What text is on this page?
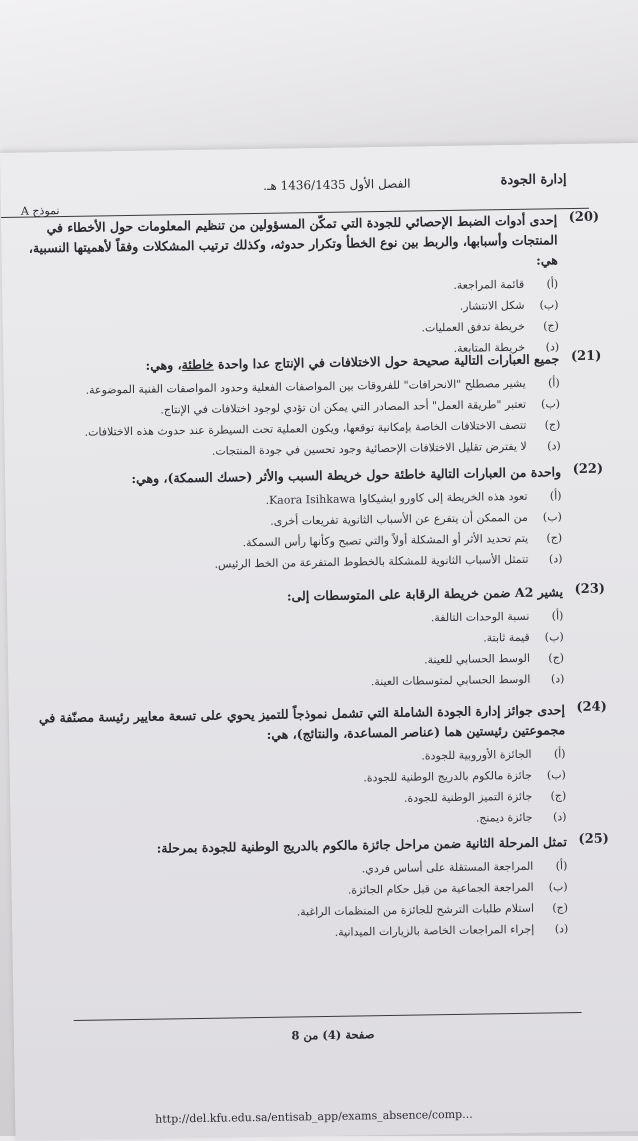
إدارة الجودة
الفصل الأول 1436/1435 هـ.
نموذج A	(20)
إحدى أدوات الضبط الإحصائي للجودة التي تمكّن المسؤولين من تنظيم المعلومات حول الأخطاء في المنتجات وأسبابها، والربط بين نوع الخطأ وتكرار حدوثه، وكذلك ترتيب المشكلات وفقاً لأهميتها النسبية، هي:
(أ)
قائمة المراجعة.
(ب)
شكل الانتشار.
(ج)
خريطة تدفق العمليات.
(د)
خريطة المتابعة.
(21)
جميع العبارات التالية صحيحة حول الاختلافات في الإنتاج عدا واحدة خاطئة، وهي:
(أ)
يشير مصطلح "الانحرافات" للفروقات بين المواصفات الفعلية وحدود المواصفات الفنية الموضوعة.
(ب)
تعتبر "طريقة العمل" أحد المصادر التي يمكن ان تؤدي لوجود اختلافات في الإنتاج.
(ج)
تتصف الاختلافات الخاصة بإمكانية توقعها، ويكون العملية تحت السيطرة عند حدوث هذه الاختلافات.
(د)
لا يفترض تقليل الاختلافات الإحصائية وجود تحسين في جودة المنتجات.
(22)
واحدة من العبارات التالية خاطئة حول خريطة السبب والأثر (حسك السمكة)، وهي:
(أ)
تعود هذه الخريطة إلى كاورو ايشيكاوا Kaora Isihkawa.
(ب)
من الممكن أن يتفرع عن الأسباب الثانوية تفريعات أخرى.
(ج)
يتم تحديد الأثر أو المشكلة أولاً والتي تصبح وكأنها رأس السمكة.
(د)
تتمثل الأسباب الثانوية للمشكلة بالخطوط المتفرعة من الخط الرئيس.
(23)
يشير A2 ضمن خريطة الرقابة على المتوسطات إلى:
(أ)
نسبة الوحدات التالفة.
(ب)
قيمة ثابتة.
(ج)
الوسط الحسابي للعينة.
(د)
الوسط الحسابي لمتوسطات العينة.
(24)
إحدى جوائز إدارة الجودة الشاملة التي تشمل نموذجاً للتميز يحوي على تسعة معايير رئيسة مصنّفة في مجموعتين رئيستين هما (عناصر المساعدة، والنتائج)، هي:
(أ)
الجائزة الأوروبية للجودة.
(ب)
جائزة مالكوم بالدريج الوطنية للجودة.
(ج)
جائزة التميز الوطنية للجودة.
(د)
جائزة ديمنج.
(25)
تمثل المرحلة الثانية ضمن مراحل جائزة مالكوم بالدريج الوطنية للجودة بمرحلة:
(أ)
المراجعة المستقلة على أساس فردي.
(ب)
المراجعة الجماعية من قبل حكام الجائزة.
(ج)
استلام طلبات الترشح للجائزة من المنظمات الراغبة.
(د)
إجراء المراجعات الخاصة بالزيارات الميدانية.
صفحة (4) من 8
http://del.kfu.edu.sa/entisab_app/exams_absence/comp...
